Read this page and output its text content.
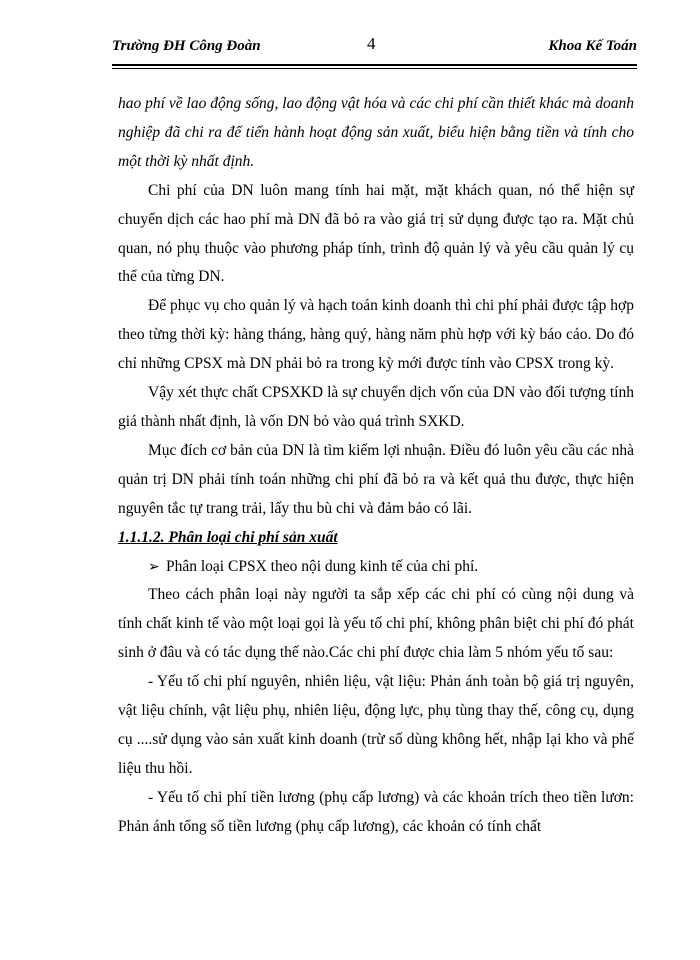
Trường ĐH Công Đoàn	4	Khoa Kế Toán

hao phí về lao động sống, lao động vật hóa và các chi phí cần thiết khác mà doanh nghiệp đã chi ra để tiến hành hoạt động sản xuất, biểu hiện bằng tiền và tính cho một thời kỳ nhất định.

Chi phí của DN luôn mang tính hai mặt, mặt khách quan, nó thể hiện sự chuyển dịch các hao phí mà DN đã bỏ ra vào giá trị sử dụng được tạo ra. Mặt chủ quan, nó phụ thuộc vào phương pháp tính, trình độ quản lý và yêu cầu quản lý cụ thể của từng DN.

Để phục vụ cho quản lý và hạch toán kinh doanh thì chi phí phải được tập hợp theo từng thời kỳ: hàng tháng, hàng quý, hàng năm phù hợp với kỳ báo cáo. Do đó chỉ những CPSX mà DN phải bỏ ra trong kỳ mới được tính vào CPSX trong kỳ.

Vậy xét thực chất CPSXKD là sự chuyển dịch vốn của DN vào đối tượng tính giá thành nhất định, là vốn DN bỏ vào quá trình SXKD.

Mục đích cơ bản của DN là tìm kiếm lợi nhuận. Điều đó luôn yêu cầu các nhà quản trị DN phải tính toán những chi phí đã bỏ ra và kết quả thu được, thực hiện nguyên tắc tự trang trải, lấy thu bù chi và đảm bảo có lãi.

1.1.1.2. Phân loại chi phí sản xuất

➢ Phân loại CPSX theo nội dung kinh tế của chi phí.

Theo cách phân loại này người ta sắp xếp các chi phí có cùng nội dung và tính chất kinh tế vào một loại gọi là yếu tố chi phí, không phân biệt chi phí đó phát sinh ở đâu và có tác dụng thế nào.Các chi phí được chia làm 5 nhóm yếu tố sau:

- Yếu tố chi phí nguyên, nhiên liệu, vật liệu: Phản ánh toàn bộ giá trị nguyên, vật liệu chính, vật liệu phụ, nhiên liệu, động lực, phụ tùng thay thế, công cụ, dụng cụ ....sử dụng vào sản xuất kinh doanh (trừ số dùng không hết, nhập lại kho và phế liệu thu hồi.

- Yếu tố chi phí tiền lương (phụ cấp lương) và các khoản trích theo tiền lươn: Phản ánh tổng số tiền lương (phụ cấp lương), các khoản có tính chất
